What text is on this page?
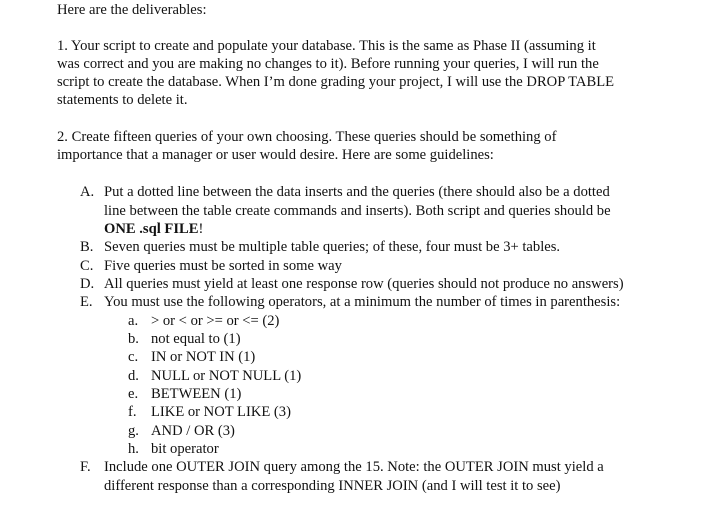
Here are the deliverables:
1. Your script to create and populate your database. This is the same as Phase II (assuming it
was correct and you are making no changes to it). Before running your queries, I will run the
script to create the database. When I’m done grading your project, I will use the DROP TABLE
statements to delete it.
2. Create fifteen queries of your own choosing. These queries should be something of
importance that a manager or user would desire. Here are some guidelines:
A. Put a dotted line between the data inserts and the queries (there should also be a dotted
line between the table create commands and inserts). Both script and queries should be
ONE .sql FILE!
B. Seven queries must be multiple table queries; of these, four must be 3+ tables.
C. Five queries must be sorted in some way
D. All queries must yield at least one response row (queries should not produce no answers)
E. You must use the following operators, at a minimum the number of times in parenthesis:
a. > or < or >= or <= (2)
b. not equal to (1)
c. IN or NOT IN (1)
d. NULL or NOT NULL (1)
e. BETWEEN (1)
f. LIKE or NOT LIKE (3)
g. AND / OR (3)
h. bit operator
F. Include one OUTER JOIN query among the 15. Note: the OUTER JOIN must yield a
different response than a corresponding INNER JOIN (and I will test it to see)
